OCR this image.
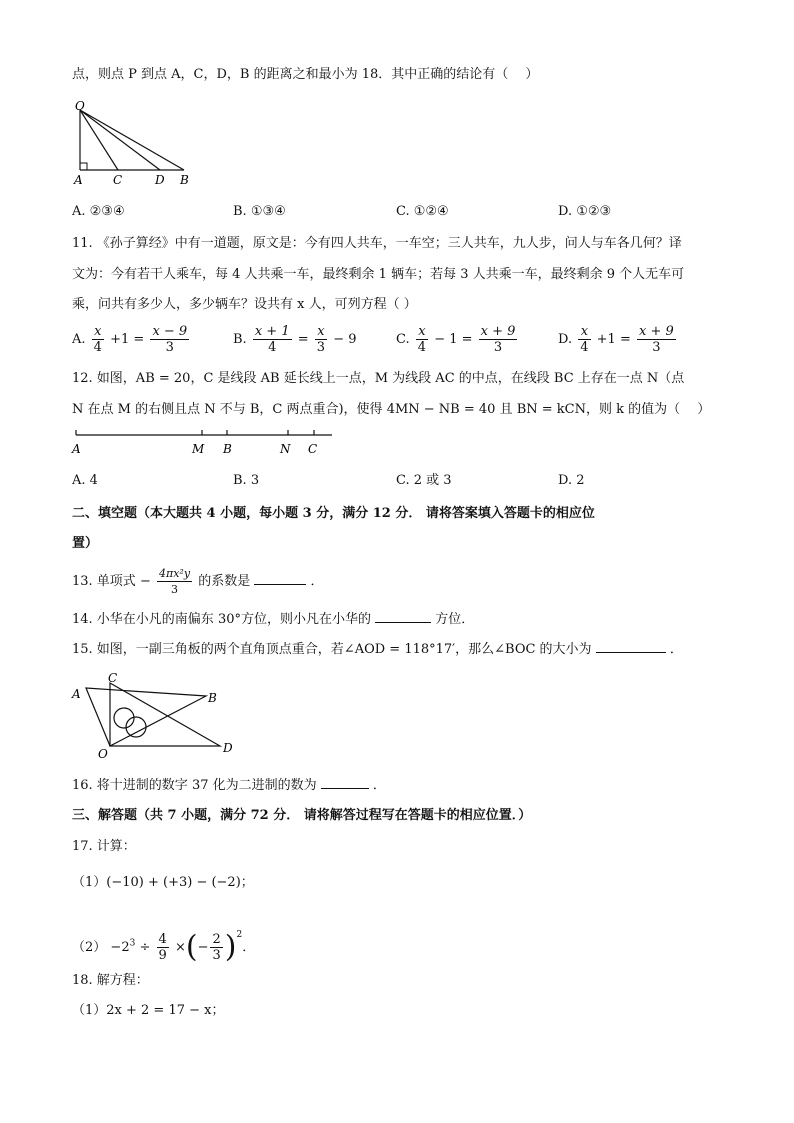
点，则点 P 到点 A，C，D，B 的距离之和最小为 18．其中正确的结论有（　 ）
O
A	C	D B
A. ②③④	B. ①③④	C. ①②④	D. ①②③
11. 《孙子算经》中有一道题，原文是：今有四人共车，一车空；三人共车，九人步，问人与车各几何？译
文为：今有若干人乘车，每 4 人共乘一车，最终剩余 1 辆车；若每 3 人共乘一车，最终剩余 9 个人无车可
乘，问共有多少人，多少辆车？设共有 x 人，可列方程（ ）
A. $\frac{x}{4} +1 = \frac{x - 9}{3}$	B. $\frac{x + 1}{4} = \frac{x}{3} - 9$	C. $\frac{x}{4} - 1 = \frac{x + 9}{3}$	D. $\frac{x}{4} +1 = \frac{x + 9}{3}$
12. 如图，AB = 20，C 是线段 AB 延长线上一点，M 为线段 AC 的中点，在线段 BC 上存在一点 N（点
N 在点 M 的右侧且点 N 不与 B，C 两点重合)，使得 4MN − NB = 40 且 BN = kCN，则 k 的值为（　 ）
A	M B	N C
A. 4	B. 3	C. 2 或 3	D. 2
二、填空题（本大题共 4 小题，每小题 3 分，满分 12 分． 请将答案填入答题卡的相应位
置）
13. 单项式 − $\frac{\text{4πx²y}}{3}$ 的系数是	．
14. 小华在小凡的南偏东 30°方位，则小凡在小华的	方位．
15. 如图，一副三角板的两个直角顶点重合，若∠AOD = 118°17′，那么∠BOC 的大小为	．
A
C
B
O	D
16. 将十进制的数字 37 化为二进制的数为	．
三、解答题（共 7 小题，满分 72 分． 请将解答过程写在答题卡的相应位置．）
17. 计算：
（1）(−10) + (+3) − (−2)；
$(2) -2^3 \div \frac{4}{9}$ ×(− $\frac{2}{3} )^2$．
18. 解方程：
（1）2x + 2 = 17 − x；
